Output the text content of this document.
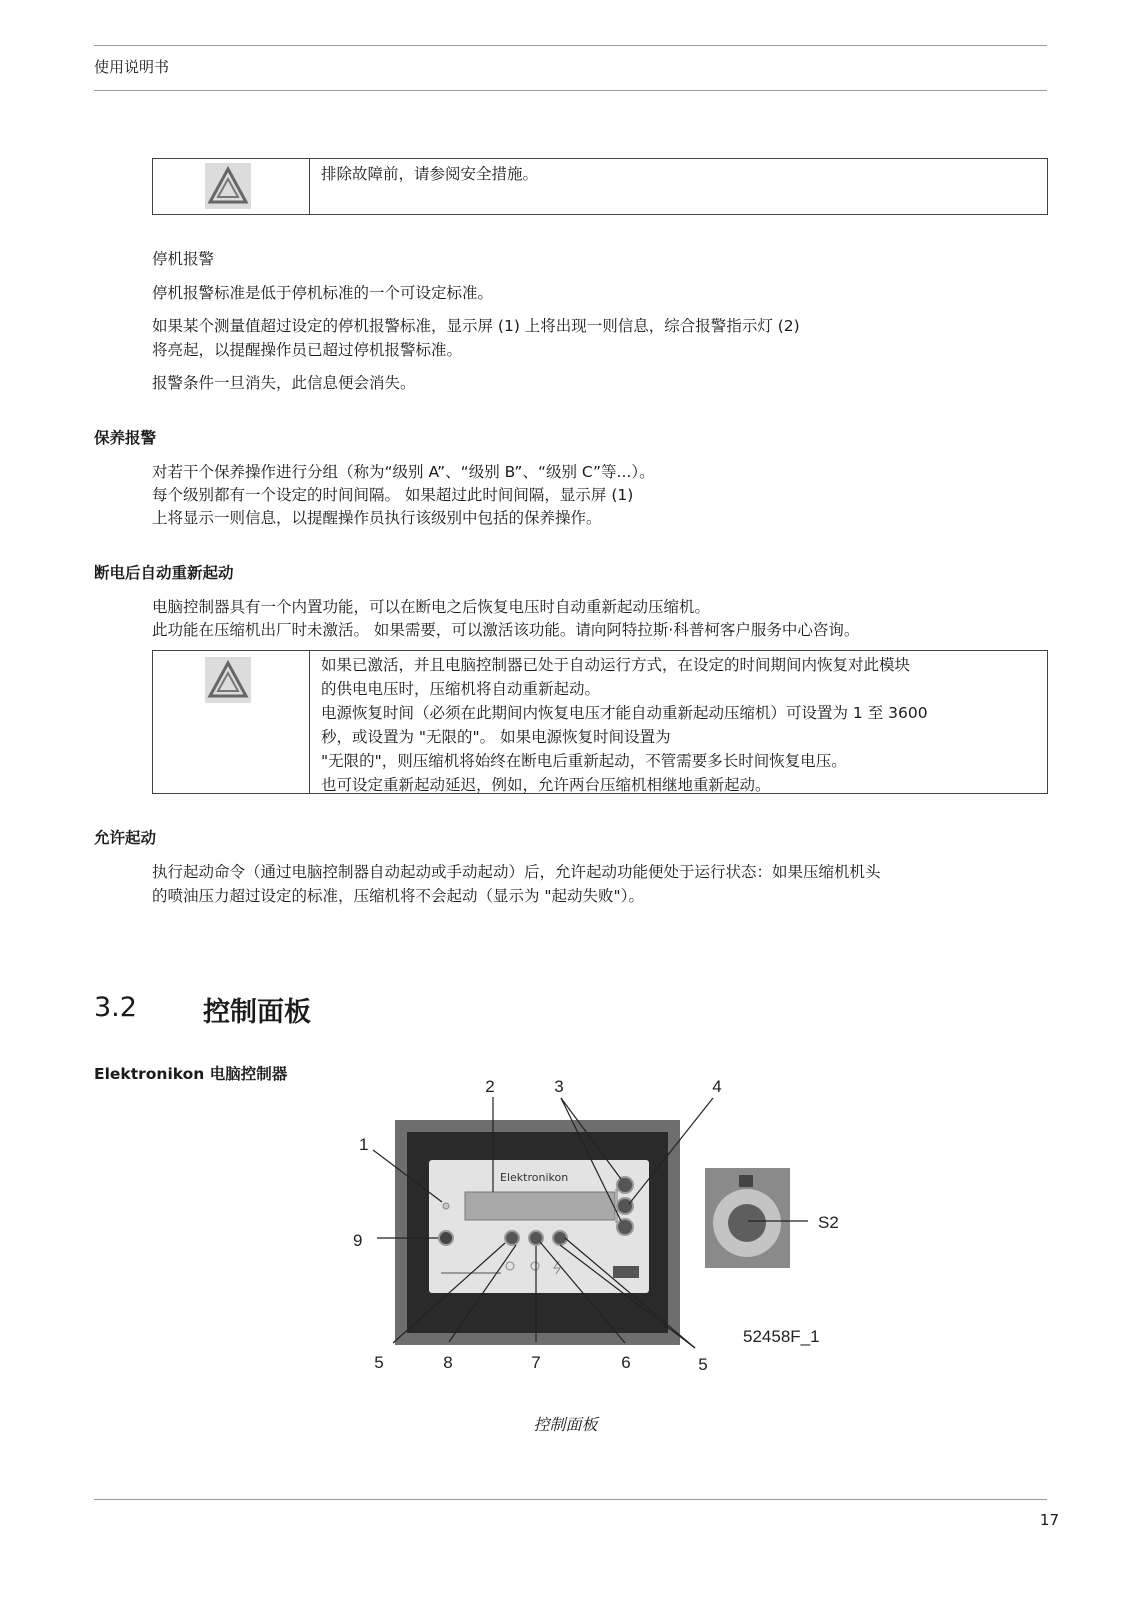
使用说明书
排除故障前，请参阅安全措施。
停机报警
停机报警标准是低于停机标准的一个可设定标准。
如果某个测量值超过设定的停机报警标准，显示屏 (1) 上将出现一则信息，综合报警指示灯 (2)
将亮起，以提醒操作员已超过停机报警标准。
报警条件一旦消失，此信息便会消失。
保养报警
对若干个保养操作进行分组（称为“级别 A”、“级别 B”、“级别 C”等...）。
每个级别都有一个设定的时间间隔。 如果超过此时间间隔，显示屏 (1)
上将显示一则信息，以提醒操作员执行该级别中包括的保养操作。
断电后自动重新起动
电脑控制器具有一个内置功能，可以在断电之后恢复电压时自动重新起动压缩机。
此功能在压缩机出厂时未激活。 如果需要，可以激活该功能。请向阿特拉斯·科普柯客户服务中心咨询。
如果已激活，并且电脑控制器已处于自动运行方式，在设定的时间期间内恢复对此模块
的供电电压时，压缩机将自动重新起动。
电源恢复时间（必须在此期间内恢复电压才能自动重新起动压缩机）可设置为 1 至 3600
秒，或设置为 "无限的"。 如果电源恢复时间设置为
"无限的"，则压缩机将始终在断电后重新起动，不管需要多长时间恢复电压。
也可设定重新起动延迟，例如，允许两台压缩机相继地重新起动。
允许起动
执行起动命令（通过电脑控制器自动起动或手动起动）后，允许起动功能便处于运行状态：如果压缩机机头
的喷油压力超过设定的标准，压缩机将不会起动（显示为 "起动失败"）。
3.2 控制面板
Elektronikon 电脑控制器
Elektronikon
2	3	4
1
9
S2
5	8	7	6	5
52458F_1
控制面板
17
